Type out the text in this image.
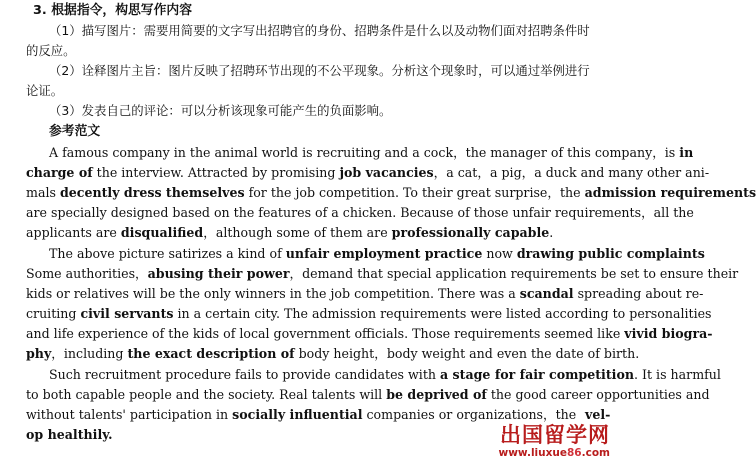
3. 根据指令，构思写作内容
（1）描写图片：需要用简要的文字写出招聘官的身份、招聘条件是什么以及动物们面对招聘条件时
的反应。
（2）诠释图片主旨：图片反映了招聘环节出现的不公平现象。分析这个现象时，可以通过举例进行
论证。
（3）发表自己的评论：可以分析该现象可能产生的负面影响。
参考范文
A famous company in the animal world is recruiting and a cock，the manager of this company，is in
charge of the interview. Attracted by promising job vacancies，a cat，a pig，a duck and many other ani-
mals decently dress themselves for the job competition. To their great surprise，the admission requirements
are specially designed based on the features of a chicken. Because of those unfair requirements，all the
applicants are disqualified，although some of them are professionally capable.
The above picture satirizes a kind of unfair employment practice now drawing public complaints
Some authorities，abusing their power，demand that special application requirements be set to ensure their
kids or relatives will be the only winners in the job competition. There was a scandal spreading about re-
cruiting civil servants in a certain city. The admission requirements were listed according to personalities
and life experience of the kids of local government officials. Those requirements seemed like vivid biogra-
phy，including the exact description of body height，body weight and even the date of birth.
Such recruitment procedure fails to provide candidates with a stage for fair competition. It is harmful
to both capable people and the society. Real talents will be deprived of the good career opportunities and
without talents' participation in socially influential companies or organizations，the
op healthily.
vel-
出国留学网
www.liuxue86.com
